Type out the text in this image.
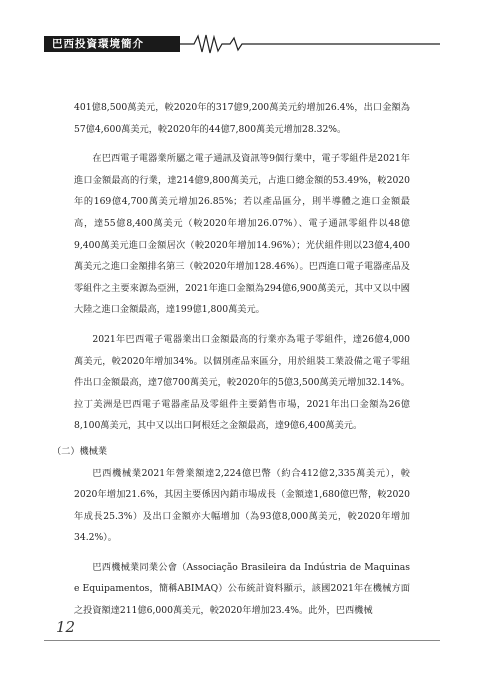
巴西投資環境簡介

401億8,500萬美元，較2020年的317億9,200萬美元約增加26.4%，出口金額為57億4,600萬美元，較2020年的44億7,800萬美元增加28.32%。

在巴西電子電器業所屬之電子通訊及資訊等9個行業中，電子零組件是2021年進口金額最高的行業，達214億9,800萬美元，占進口總金額的53.49%，較2020年的169億4,700萬美元增加26.85%；若以產品區分，則半導體之進口金額最高，達55億8,400萬美元（較2020年增加26.07%）、電子通訊零組件以48億9,400萬美元進口金額居次（較2020年增加14.96%）；光伏組件則以23億4,400萬美元之進口金額排名第三（較2020年增加128.46%）。巴西進口電子電器產品及零組件之主要來源為亞洲，2021年進口金額為294億6,900萬美元，其中又以中國大陸之進口金額最高，達199億1,800萬美元。

2021年巴西電子電器業出口金額最高的行業亦為電子零組件，達26億4,000萬美元，較2020年增加34%。以個別產品來區分，用於組裝工業設備之電子零組件出口金額最高，達7億700萬美元，較2020年的5億3,500萬美元增加32.14%。拉丁美洲是巴西電子電器產品及零組件主要銷售市場，2021年出口金額為26億8,100萬美元，其中又以出口阿根廷之金額最高，達9億6,400萬美元。

（二）機械業

巴西機械業2021年營業額達2,224億巴幣（約合412億2,335萬美元），較2020年增加21.6%，其因主要係因內銷市場成長（金額達1,680億巴幣，較2020年成長25.3%）及出口金額亦大幅增加（為93億8,000萬美元，較2020年增加34.2%）。

巴西機械業同業公會（Associação Brasileira da Indústria de Maquinas e Equipamentos，簡稱ABIMAQ）公布統計資料顯示，該國2021年在機械方面之投資額達211億6,000萬美元，較2020年增加23.4%。此外，巴西機械

12
